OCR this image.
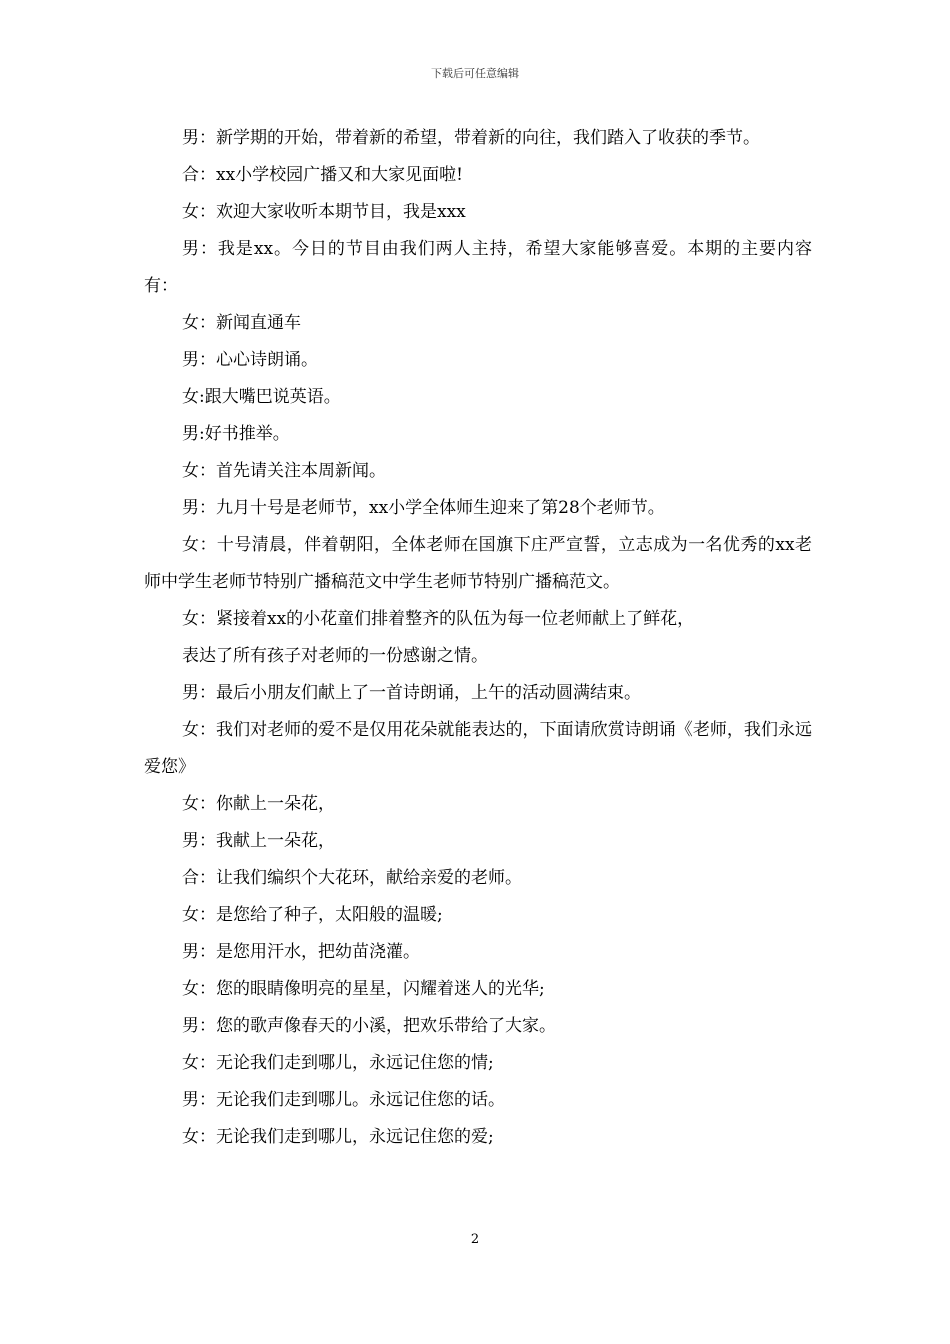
下载后可任意编辑

男：新学期的开始，带着新的希望，带着新的向往，我们踏入了收获的季节。

合：xx小学校园广播又和大家见面啦!

女：欢迎大家收听本期节目，我是xxx

男：我是xx。今日的节目由我们两人主持，希望大家能够喜爱。本期的主要内容有：

女：新闻直通车

男：心心诗朗诵。

女:跟大嘴巴说英语。

男:好书推举。

女：首先请关注本周新闻。

男：九月十号是老师节，xx小学全体师生迎来了第28个老师节。

女：十号清晨，伴着朝阳，全体老师在国旗下庄严宣誓，立志成为一名优秀的xx老师中学生老师节特别广播稿范文中学生老师节特别广播稿范文。

女：紧接着xx的小花童们排着整齐的队伍为每一位老师献上了鲜花，

表达了所有孩子对老师的一份感谢之情。

男：最后小朋友们献上了一首诗朗诵，上午的活动圆满结束。

女：我们对老师的爱不是仅用花朵就能表达的，下面请欣赏诗朗诵《老师，我们永远爱您》

女：你献上一朵花，

男：我献上一朵花，

合：让我们编织个大花环，献给亲爱的老师。

女：是您给了种子，太阳般的温暖;

男：是您用汗水，把幼苗浇灌。

女：您的眼睛像明亮的星星，闪耀着迷人的光华;

男：您的歌声像春天的小溪，把欢乐带给了大家。

女：无论我们走到哪儿，永远记住您的情;

男：无论我们走到哪儿。永远记住您的话。

女：无论我们走到哪儿，永远记住您的爱;

2
